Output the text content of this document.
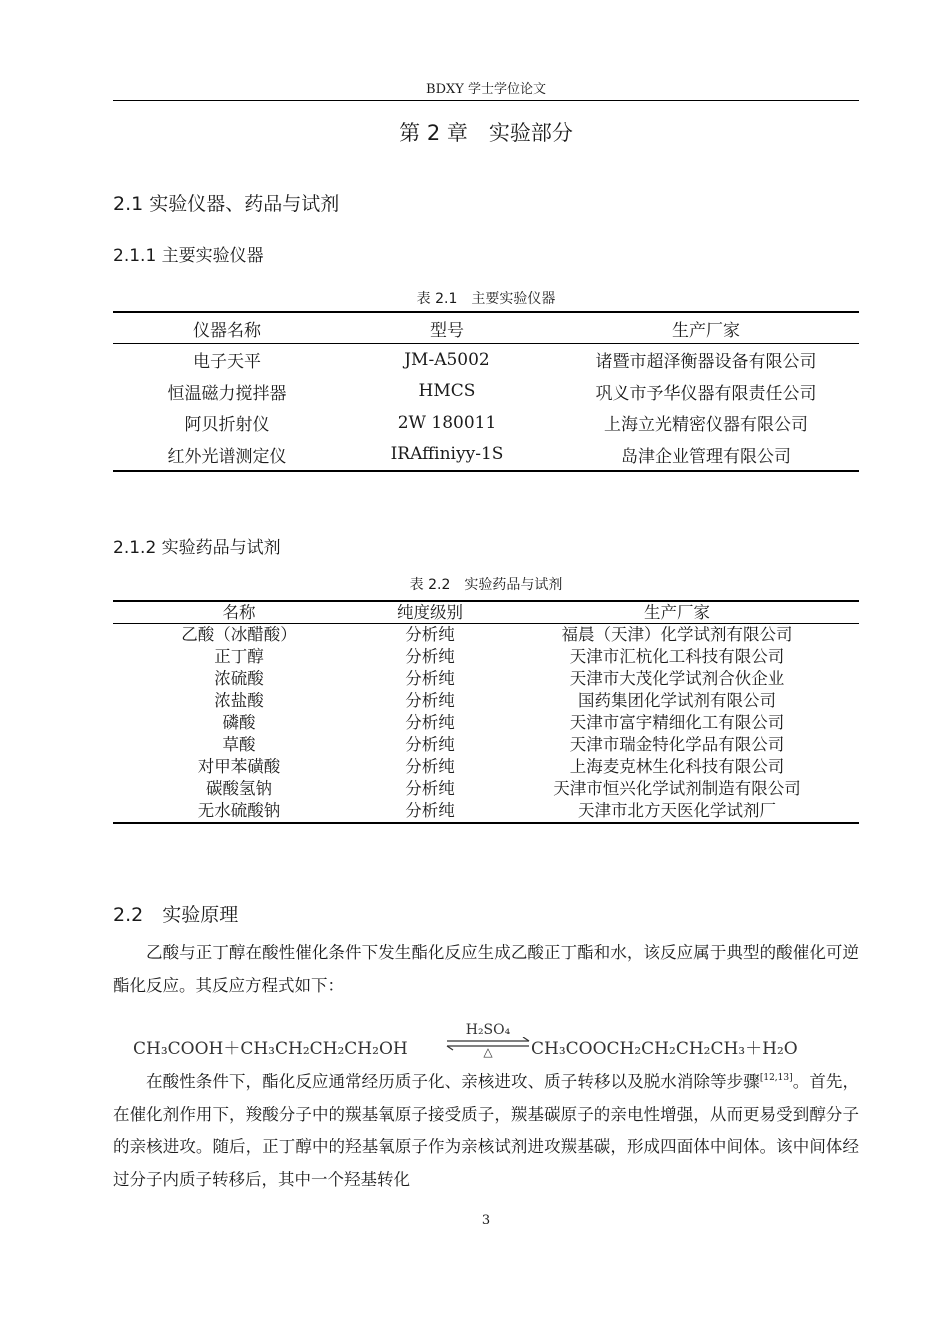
BDXY 学士学位论文
第 2 章　实验部分
2.1 实验仪器、药品与试剂
2.1.1 主要实验仪器
表 2.1　主要实验仪器
仪器名称	型号	生产厂家
电子天平	JM-A5002	诸暨市超泽衡器设备有限公司
恒温磁力搅拌器	HMCS	巩义市予华仪器有限责任公司
阿贝折射仪	2W 180011	上海立光精密仪器有限公司
红外光谱测定仪	IRAffiniyy-1S	岛津企业管理有限公司
2.1.2 实验药品与试剂
表 2.2　实验药品与试剂
名称	纯度级别	生产厂家
乙酸（冰醋酸）	分析纯	福晨（天津）化学试剂有限公司
正丁醇	分析纯	天津市汇杭化工科技有限公司
浓硫酸	分析纯	天津市大茂化学试剂合伙企业
浓盐酸	分析纯	国药集团化学试剂有限公司
磷酸	分析纯	天津市富宇精细化工有限公司
草酸	分析纯	天津市瑞金特化学品有限公司
对甲苯磺酸	分析纯	上海麦克林生化科技有限公司
碳酸氢钠	分析纯	天津市恒兴化学试剂制造有限公司
无水硫酸钠	分析纯	天津市北方天医化学试剂厂
2.2　实验原理
乙酸与正丁醇在酸性催化条件下发生酯化反应生成乙酸正丁酯和水，该反应属于典型的酸催化可逆酯化反应。其反应方程式如下：
CH₃COOH＋CH₃CH₂CH₂CH₂OH
H₂SO₄
△	CH₃COOCH₂CH₂CH₂CH₃＋H₂O
在酸性条件下，酯化反应通常经历质子化、亲核进攻、质子转移以及脱水消除等步骤[12,13]。首先，在催化剂作用下，羧酸分子中的羰基氧原子接受质子，羰基碳原子的亲电性增强，从而更易受到醇分子的亲核进攻。随后，正丁醇中的羟基氧原子作为亲核试剂进攻羰基碳，形成四面体中间体。该中间体经过分子内质子转移后，其中一个羟基转化
3
